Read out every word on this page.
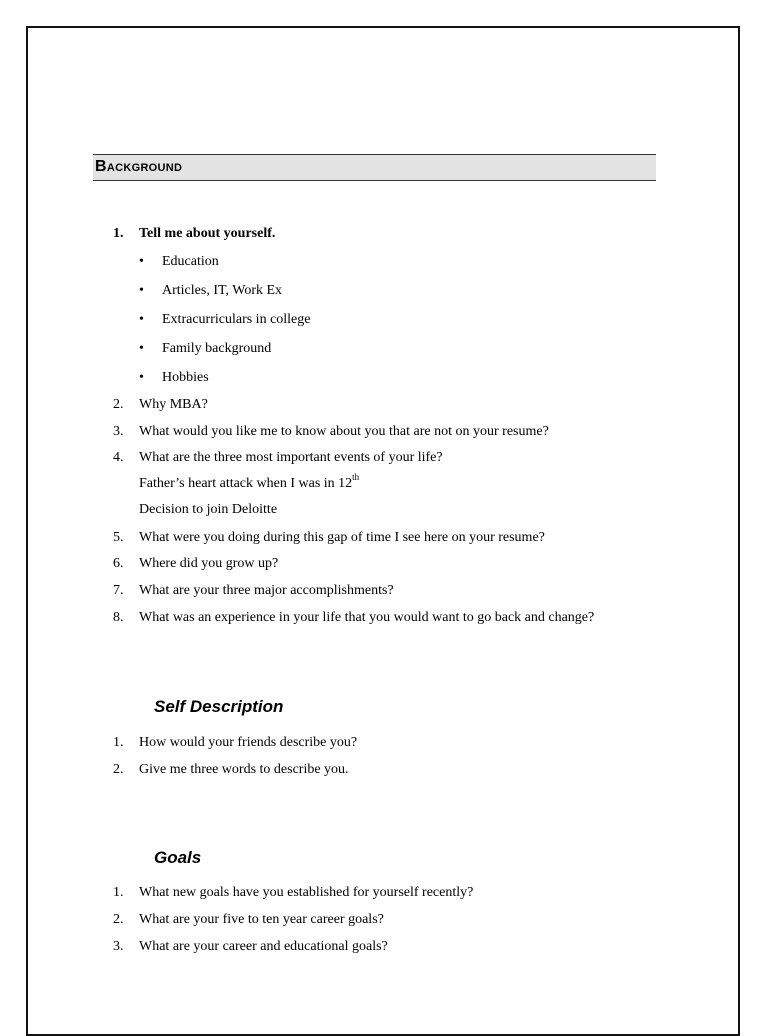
Background
1. Tell me about yourself.
• Education
• Articles, IT, Work Ex
• Extracurriculars in college
• Family background
• Hobbies
2. Why MBA?
3. What would you like me to know about you that are not on your resume?
4. What are the three most important events of your life?
Father’s heart attack when I was in 12th
Decision to join Deloitte
5. What were you doing during this gap of time I see here on your resume?
6. Where did you grow up?
7. What are your three major accomplishments?
8. What was an experience in your life that you would want to go back and change?
Self Description
1. How would your friends describe you?
2. Give me three words to describe you.
Goals
1. What new goals have you established for yourself recently?
2. What are your five to ten year career goals?
3. What are your career and educational goals?
